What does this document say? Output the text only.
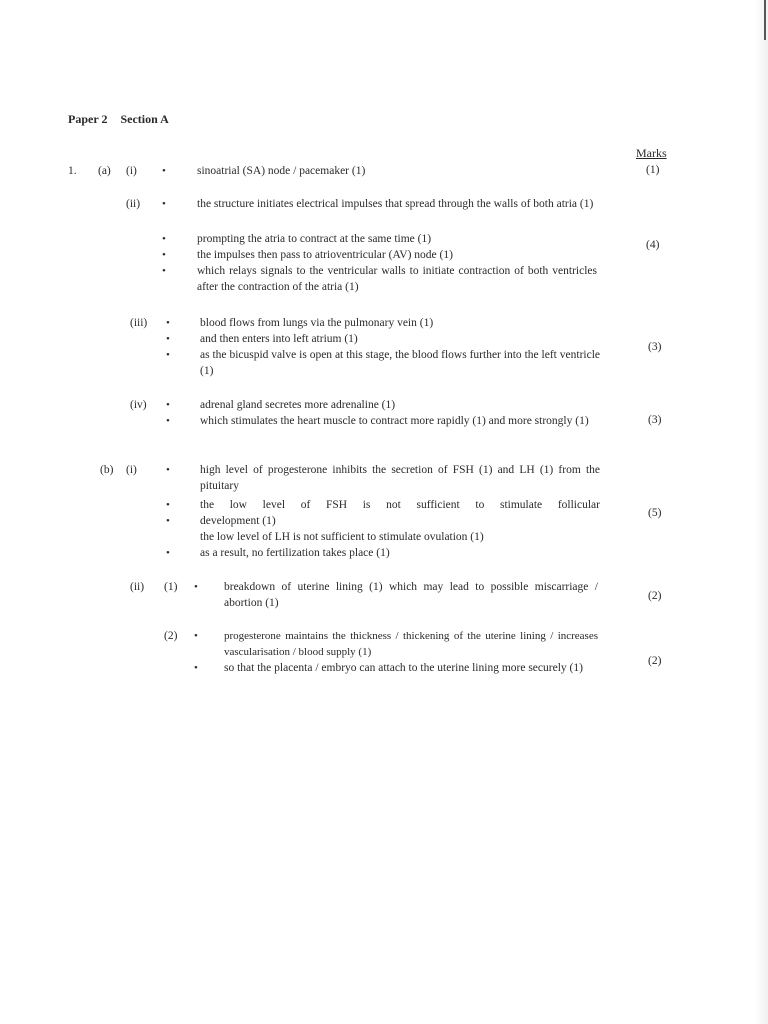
Paper 2 Section A
Marks
1. (a) (i) •	sinoatrial (SA) node / pacemaker (1)	(1)
(ii) •	the structure initiates electrical impulses that spread through the walls of both atria (1)
•	prompting the atria to contract at the same time (1)
•	the impulses then pass to atrioventricular (AV) node (1)
•	which relays signals to the ventricular walls to initiate contraction of both ventricles after the contraction of the atria (1)
(4)
(iii) •	blood flows from lungs via the pulmonary vein (1)
•	and then enters into left atrium (1)
•	as the bicuspid valve is open at this stage, the blood flows further into the left ventricle (1)
(3)
(iv) •	adrenal gland secretes more adrenaline (1)
•	which stimulates the heart muscle to contract more rapidly (1) and more strongly (1)	(3)
(b) (i)	•	high level of progesterone inhibits the secretion of FSH (1) and LH (1) from the pituitary
•	the low level of FSH is not sufficient to stimulate follicular
•	development (1)
the low level of LH is not sufficient to stimulate ovulation (1)
•	as a result, no fertilization takes place (1)
(5)
(ii) (1) • breakdown of uterine lining (1) which may lead to possible miscarriage / abortion (1)
(2)
(2) • progesterone maintains the thickness / thickening of the uterine lining / increases vascularisation / blood supply (1)
• so that the placenta / embryo can attach to the uterine lining more securely (1)
(2)
